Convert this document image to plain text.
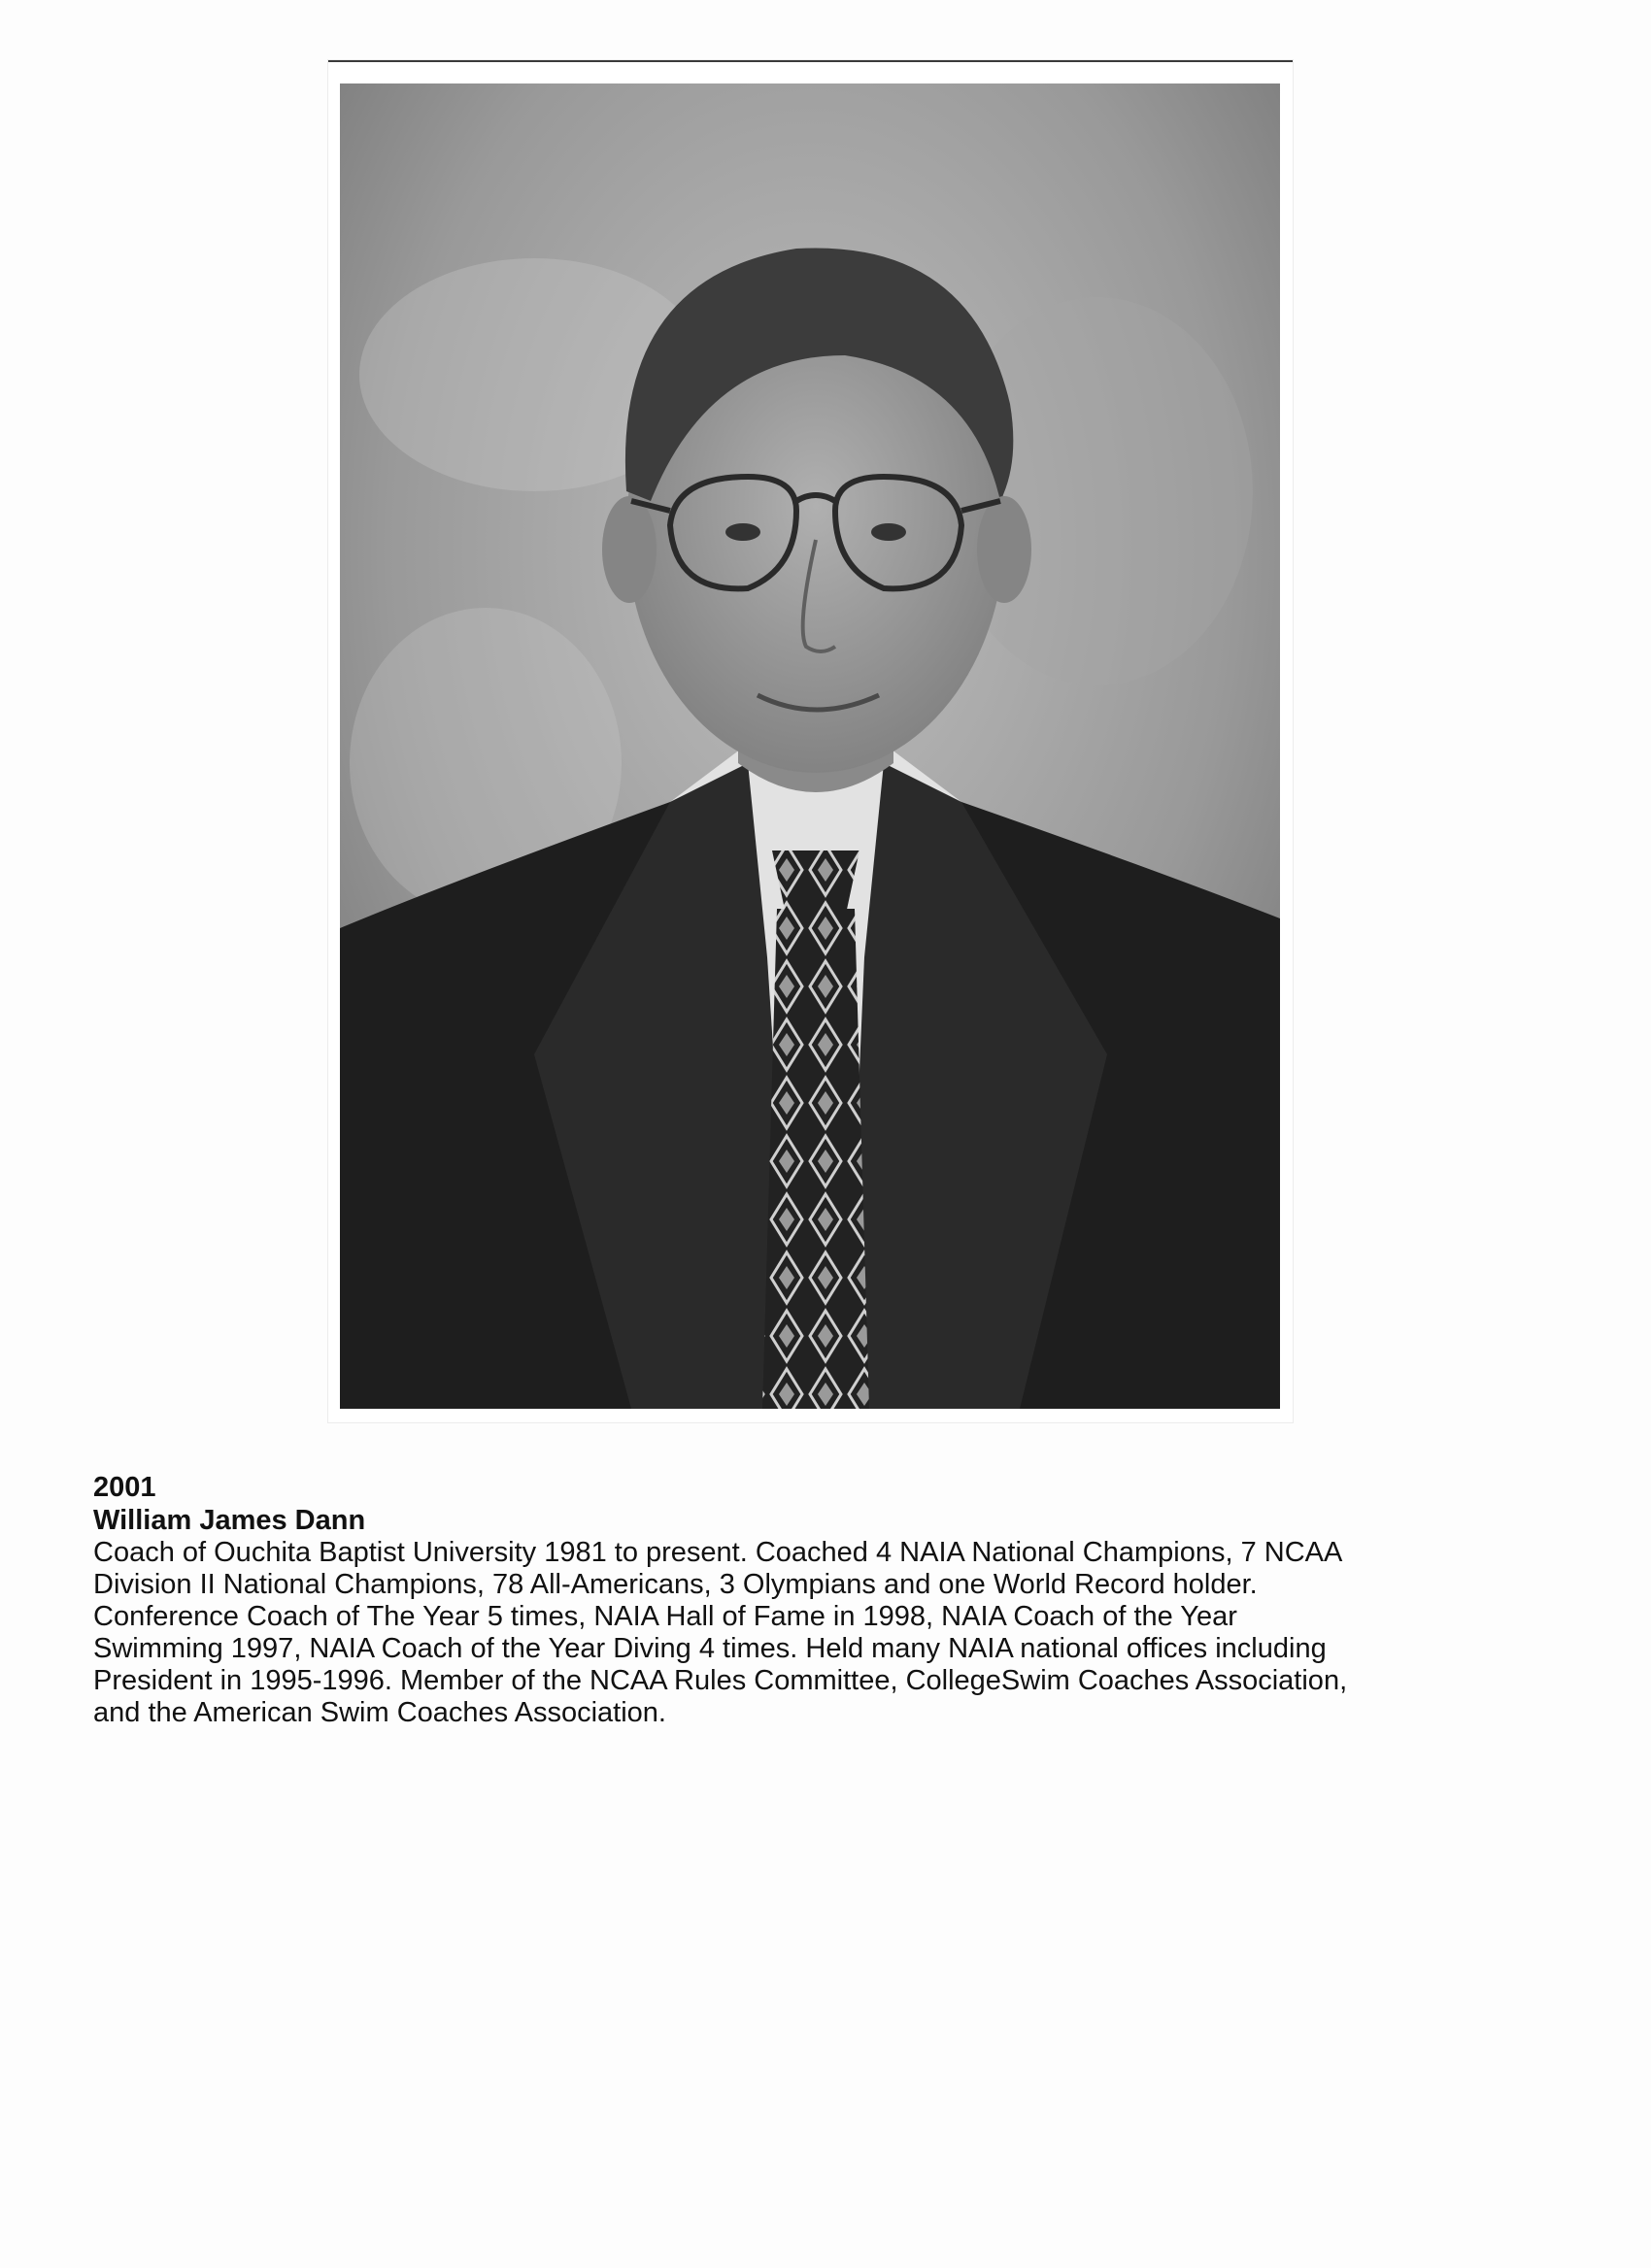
2001
William James Dann
Coach of Ouchita Baptist University 1981 to present. Coached 4 NAIA National Champions, 7 NCAA
Division II National Champions, 78 All-Americans, 3 Olympians and one World Record holder.
Conference Coach of The Year 5 times, NAIA Hall of Fame in 1998, NAIA Coach of the Year
Swimming 1997, NAIA Coach of the Year Diving 4 times. Held many NAIA national offices including
President in 1995-1996. Member of the NCAA Rules Committee, CollegeSwim Coaches Association,
and the American Swim Coaches Association.
